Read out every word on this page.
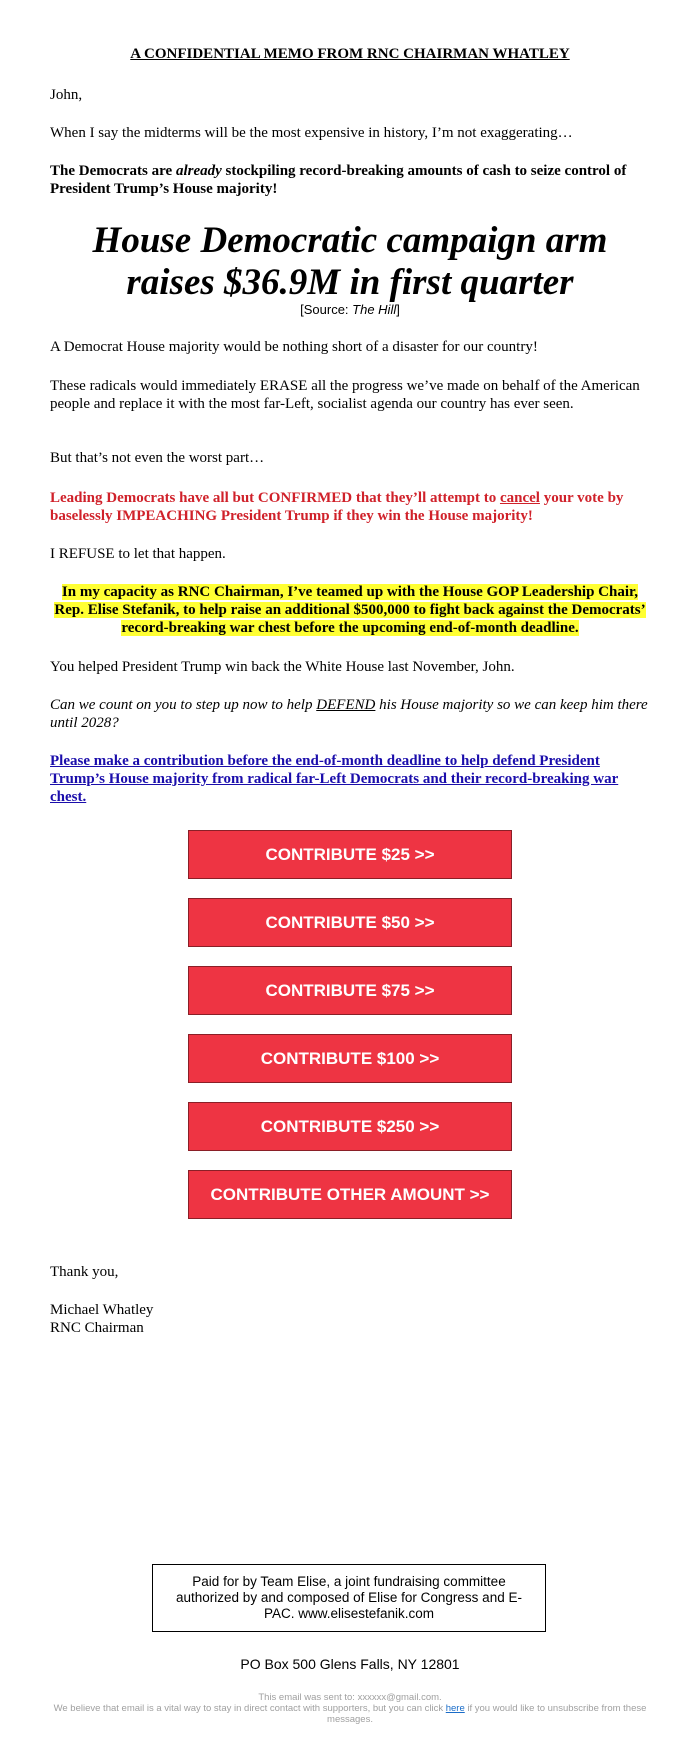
A CONFIDENTIAL MEMO FROM RNC CHAIRMAN WHATLEY

John,

When I say the midterms will be the most expensive in history, I’m not exaggerating…

The Democrats are already stockpiling record-breaking amounts of cash to seize control of President Trump’s House majority!

House Democratic campaign arm raises $36.9M in first quarter
[Source: The Hill]

A Democrat House majority would be nothing short of a disaster for our country!

These radicals would immediately ERASE all the progress we’ve made on behalf of the American people and replace it with the most far-Left, socialist agenda our country has ever seen.

But that’s not even the worst part…

Leading Democrats have all but CONFIRMED that they’ll attempt to cancel your vote by baselessly IMPEACHING President Trump if they win the House majority!

I REFUSE to let that happen.

In my capacity as RNC Chairman, I’ve teamed up with the House GOP Leadership Chair, Rep. Elise Stefanik, to help raise an additional $500,000 to fight back against the Democrats’ record-breaking war chest before the upcoming end-of-month deadline.

You helped President Trump win back the White House last November, John.

Can we count on you to step up now to help DEFEND his House majority so we can keep him there until 2028?

Please make a contribution before the end-of-month deadline to help defend President Trump’s House majority from radical far-Left Democrats and their record-breaking war chest.

CONTRIBUTE $25 >>
CONTRIBUTE $50 >>
CONTRIBUTE $75 >>
CONTRIBUTE $100 >>
CONTRIBUTE $250 >>
CONTRIBUTE OTHER AMOUNT >>

Thank you,

Michael Whatley

RNC Chairman

Paid for by Team Elise, a joint fundraising committee authorized by and composed of Elise for Congress and E-PAC. www.elisestefanik.com
PO Box 500 Glens Falls, NY 12801
This email was sent to: xxxxxx@gmail.com.
We believe that email is a vital way to stay in direct contact with supporters, but you can click here if you would like to unsubscribe from these messages.
